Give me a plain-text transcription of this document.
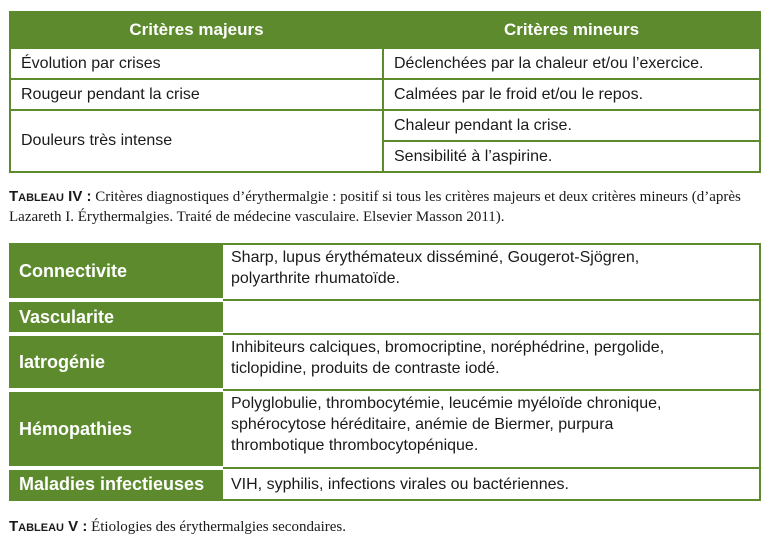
Critères majeurs	Critères mineurs
Évolution par crises	Déclenchées par la chaleur et/ou l’exercice.
Rougeur pendant la crise	Calmées par le froid et/ou le repos.
Douleurs très intense	Chaleur pendant la crise.
	Sensibilité à l’aspirine.
Tableau IV : Critères diagnostiques d’érythermalgie : positif si tous les critères majeurs et deux critères mineurs (d’après Lazareth I. Érythermalgies. Traité de médecine vasculaire. Elsevier Masson 2011).
Connectivite	Sharp, lupus érythémateux disséminé, Gougerot-Sjögren,
polyarthrite rhumatoïde.

Vascularite	
Iatrogénie	Inhibiteurs calciques, bromocriptine, noréphédrine, pergolide,
ticlopidine, produits de contraste iodé.

Hémopathies	Polyglobulie, thrombocytémie, leucémie myéloïde chronique,
sphérocytose héréditaire, anémie de Biermer, purpura
thrombotique thrombocytopénique.

Maladies infectieuses	VIH, syphilis, infections virales ou bactériennes.
Tableau V : Étiologies des érythermalgies secondaires.
